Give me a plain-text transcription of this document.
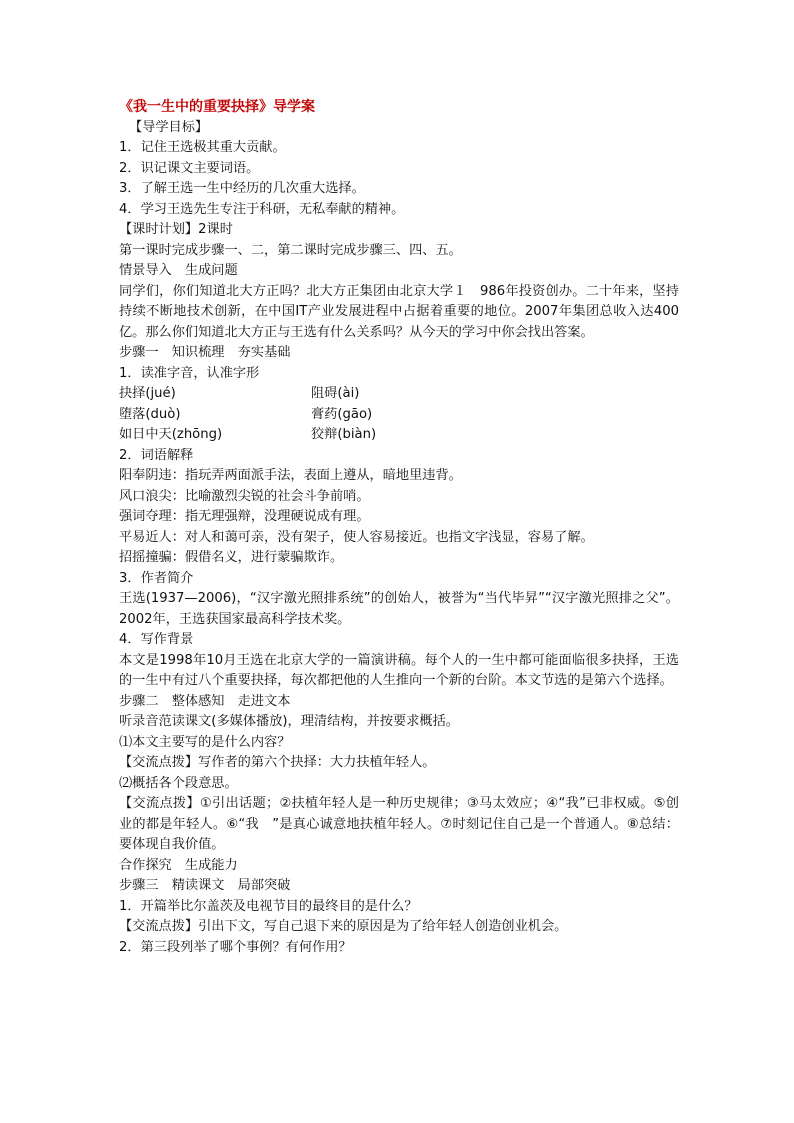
《我一生中的重要抉择》导学案
【导学目标】
1．记住王选极其重大贡献。
2．识记课文主要词语。
3．了解王选一生中经历的几次重大选择。
4．学习王选先生专注于科研，无私奉献的精神。
【课时计划】2课时
第一课时完成步骤一、二，第二课时完成步骤三、四、五。
情景导入　生成问题
同学们，你们知道北大方正吗？北大方正集团由北京大学１　986年投资创办。二十年来，坚持持续不断地技术创新，在中国IT产业发展进程中占据着重要的地位。2007年集团总收入达400亿。那么你们知道北大方正与王选有什么关系吗？从今天的学习中你会找出答案。
步骤一　知识梳理　夯实基础
1．读准字音，认准字形
抉择(jué)	阻碍(ài)
堕落(duò)	膏药(gāo)
如日中天(zhōng)	狡辩(biàn)
2．词语解释
阳奉阴违：指玩弄两面派手法，表面上遵从，暗地里违背。
风口浪尖：比喻激烈尖锐的社会斗争前哨。
强词夺理：指无理强辩，没理硬说成有理。
平易近人：对人和蔼可亲，没有架子，使人容易接近。也指文字浅显，容易了解。
招摇撞骗：假借名义，进行蒙骗欺诈。
3．作者简介
王选(1937—2006)，“汉字激光照排系统”的创始人，被誉为“当代毕昇”“汉字激光照排之父”。2002年，王选获国家最高科学技术奖。
4．写作背景
本文是1998年10月王选在北京大学的一篇演讲稿。每个人的一生中都可能面临很多抉择，王选的一生中有过八个重要抉择，每次都把他的人生推向一个新的台阶。本文节选的是第六个选择。
步骤二　整体感知　走进文本
听录音范读课文(多媒体播放)，理清结构，并按要求概括。
⑴本文主要写的是什么内容？
【交流点拨】写作者的第六个抉择：大力扶植年轻人。
⑵概括各个段意思。
【交流点拨】①引出话题；②扶植年轻人是一种历史规律；③马太效应；④“我”已非权威。⑤创业的都是年轻人。⑥“我　”是真心诚意地扶植年轻人。⑦时刻记住自己是一个普通人。⑧总结：要体现自我价值。
合作探究　生成能力
步骤三　精读课文　局部突破
1．开篇举比尔盖茨及电视节目的最终目的是什么？
【交流点拨】引出下文，写自己退下来的原因是为了给年轻人创造创业机会。
2．第三段列举了哪个事例？有何作用？
